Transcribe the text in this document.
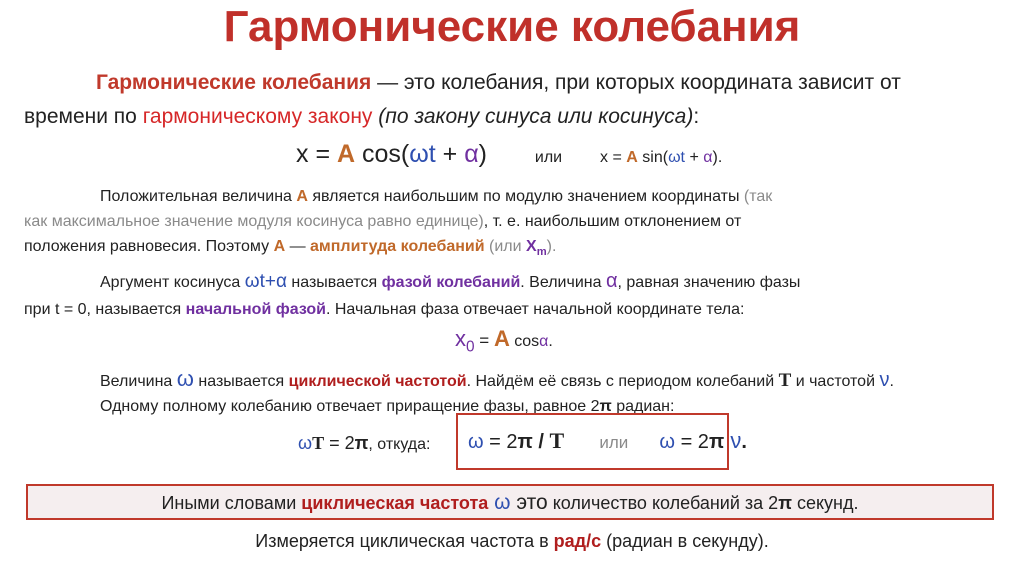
Гармонические колебания
Гармонические колебания — это колебания, при которых координата зависит от
времени по гармоническому закону (по закону синуса или косинуса):
x = A cos(ωt + α)	или x = A sin(ωt + α).
Положительная величина А является наибольшим по модулю значением координаты (так
как максимальное значение модуля косинуса равно единице), т. е. наибольшим отклонением от
положения равновесия. Поэтому А — амплитуда колебаний (или $X_m$).
Аргумент косинуса ωt+α называется фазой колебаний. Величина α, равная значению фазы
при t = 0, называется начальной фазой. Начальная фаза отвечает начальной координате тела:
$x_0 = А$ cosα.
Величина ω называется циклической частотой. Найдём её связь с периодом колебаний T и частотой ν.
Одному полному колебанию отвечает приращение фазы, равное 2π радиан:
ωT = 2π, откуда: ω = 2π / T или ω = 2π ν.
Иными словами циклическая частота ω это количество колебаний за 2π секунд.
Измеряется циклическая частота в рад/с (радиан в секунду).
